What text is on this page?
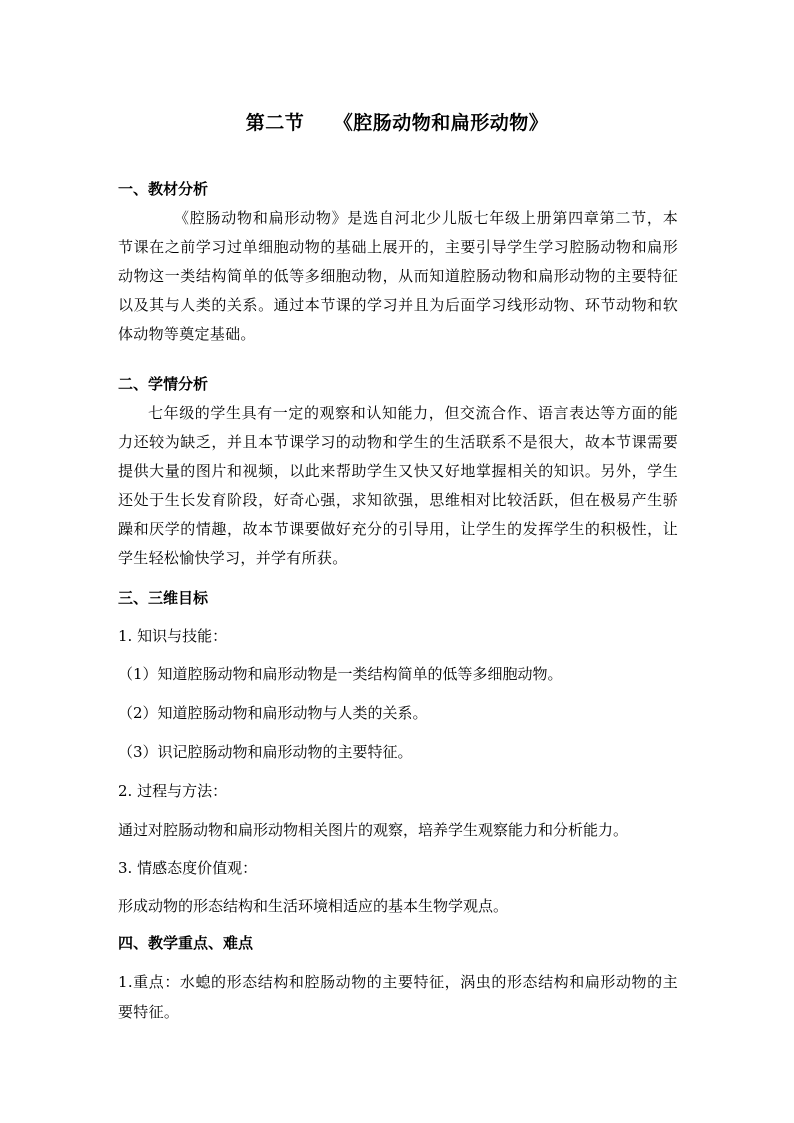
第二节　　《腔肠动物和扁形动物》
一、教材分析
《腔肠动物和扁形动物》是选自河北少儿版七年级上册第四章第二节，本节课在之前学习过单细胞动物的基础上展开的，主要引导学生学习腔肠动物和扁形动物这一类结构简单的低等多细胞动物，从而知道腔肠动物和扁形动物的主要特征以及其与人类的关系。通过本节课的学习并且为后面学习线形动物、环节动物和软体动物等奠定基础。
二、学情分析
七年级的学生具有一定的观察和认知能力，但交流合作、语言表达等方面的能力还较为缺乏，并且本节课学习的动物和学生的生活联系不是很大，故本节课需要提供大量的图片和视频，以此来帮助学生又快又好地掌握相关的知识。另外，学生还处于生长发育阶段，好奇心强，求知欲强，思维相对比较活跃，但在极易产生骄躁和厌学的情趣，故本节课要做好充分的引导用，让学生的发挥学生的积极性，让学生轻松愉快学习，并学有所获。
三、三维目标
1. 知识与技能：
（1）知道腔肠动物和扁形动物是一类结构简单的低等多细胞动物。
（2）知道腔肠动物和扁形动物与人类的关系。
（3）识记腔肠动物和扁形动物的主要特征。
2. 过程与方法：
通过对腔肠动物和扁形动物相关图片的观察，培养学生观察能力和分析能力。
3. 情感态度价值观：
形成动物的形态结构和生活环境相适应的基本生物学观点。
四、教学重点、难点
1.重点：水螅的形态结构和腔肠动物的主要特征，涡虫的形态结构和扁形动物的主要特征。
